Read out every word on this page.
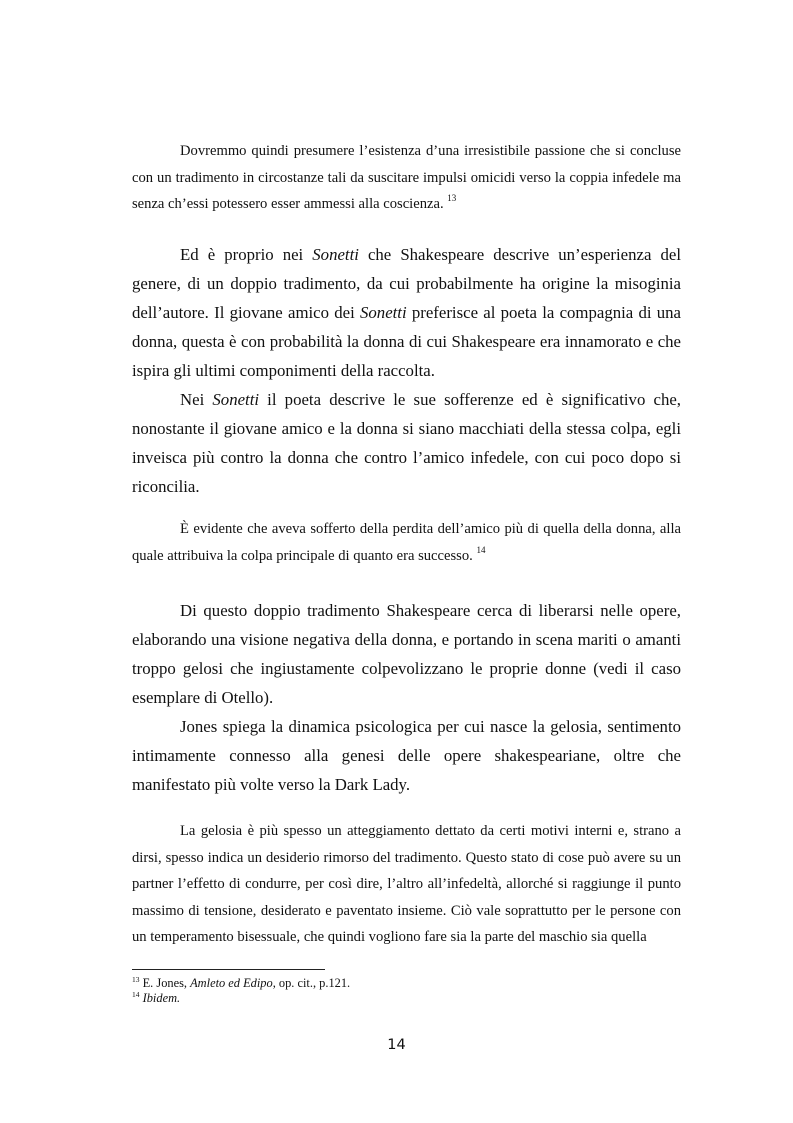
Dovremmo quindi presumere l’esistenza d’una irresistibile passione che si concluse con un tradimento in circostanze tali da suscitare impulsi omicidi verso la coppia infedele ma senza ch’essi potessero esser ammessi alla coscienza. $^{13}$

Ed è proprio nei Sonetti che Shakespeare descrive un’esperienza del genere, di un doppio tradimento, da cui probabilmente ha origine la misoginia dell’autore. Il giovane amico dei Sonetti preferisce al poeta la compagnia di una donna, questa è con probabilità la donna di cui Shakespeare era innamorato e che ispira gli ultimi componimenti della raccolta.

Nei Sonetti il poeta descrive le sue sofferenze ed è significativo che, nonostante il giovane amico e la donna si siano macchiati della stessa colpa, egli inveisca più contro la donna che contro l’amico infedele, con cui poco dopo si riconcilia.

È evidente che aveva sofferto della perdita dell’amico più di quella della donna, alla quale attribuiva la colpa principale di quanto era successo. $^{14}$

Di questo doppio tradimento Shakespeare cerca di liberarsi nelle opere, elaborando una visione negativa della donna, e portando in scena mariti o amanti troppo gelosi che ingiustamente colpevolizzano le proprie donne (vedi il caso esemplare di Otello).

Jones spiega la dinamica psicologica per cui nasce la gelosia, sentimento intimamente connesso alla genesi delle opere shakespeariane, oltre che manifestato più volte verso la Dark Lady.

La gelosia è più spesso un atteggiamento dettato da certi motivi interni e, strano a dirsi, spesso indica un desiderio rimorso del tradimento. Questo stato di cose può avere su un partner l’effetto di condurre, per così dire, l’altro all’infedeltà, allorché si raggiunge il punto massimo di tensione, desiderato e paventato insieme. Ciò vale soprattutto per le persone con un temperamento bisessuale, che quindi vogliono fare sia la parte del maschio sia quella

$^{13}$ E. Jones, Amleto ed Edipo, op. cit., p.121.
$^{14}$ Ibidem.
14
